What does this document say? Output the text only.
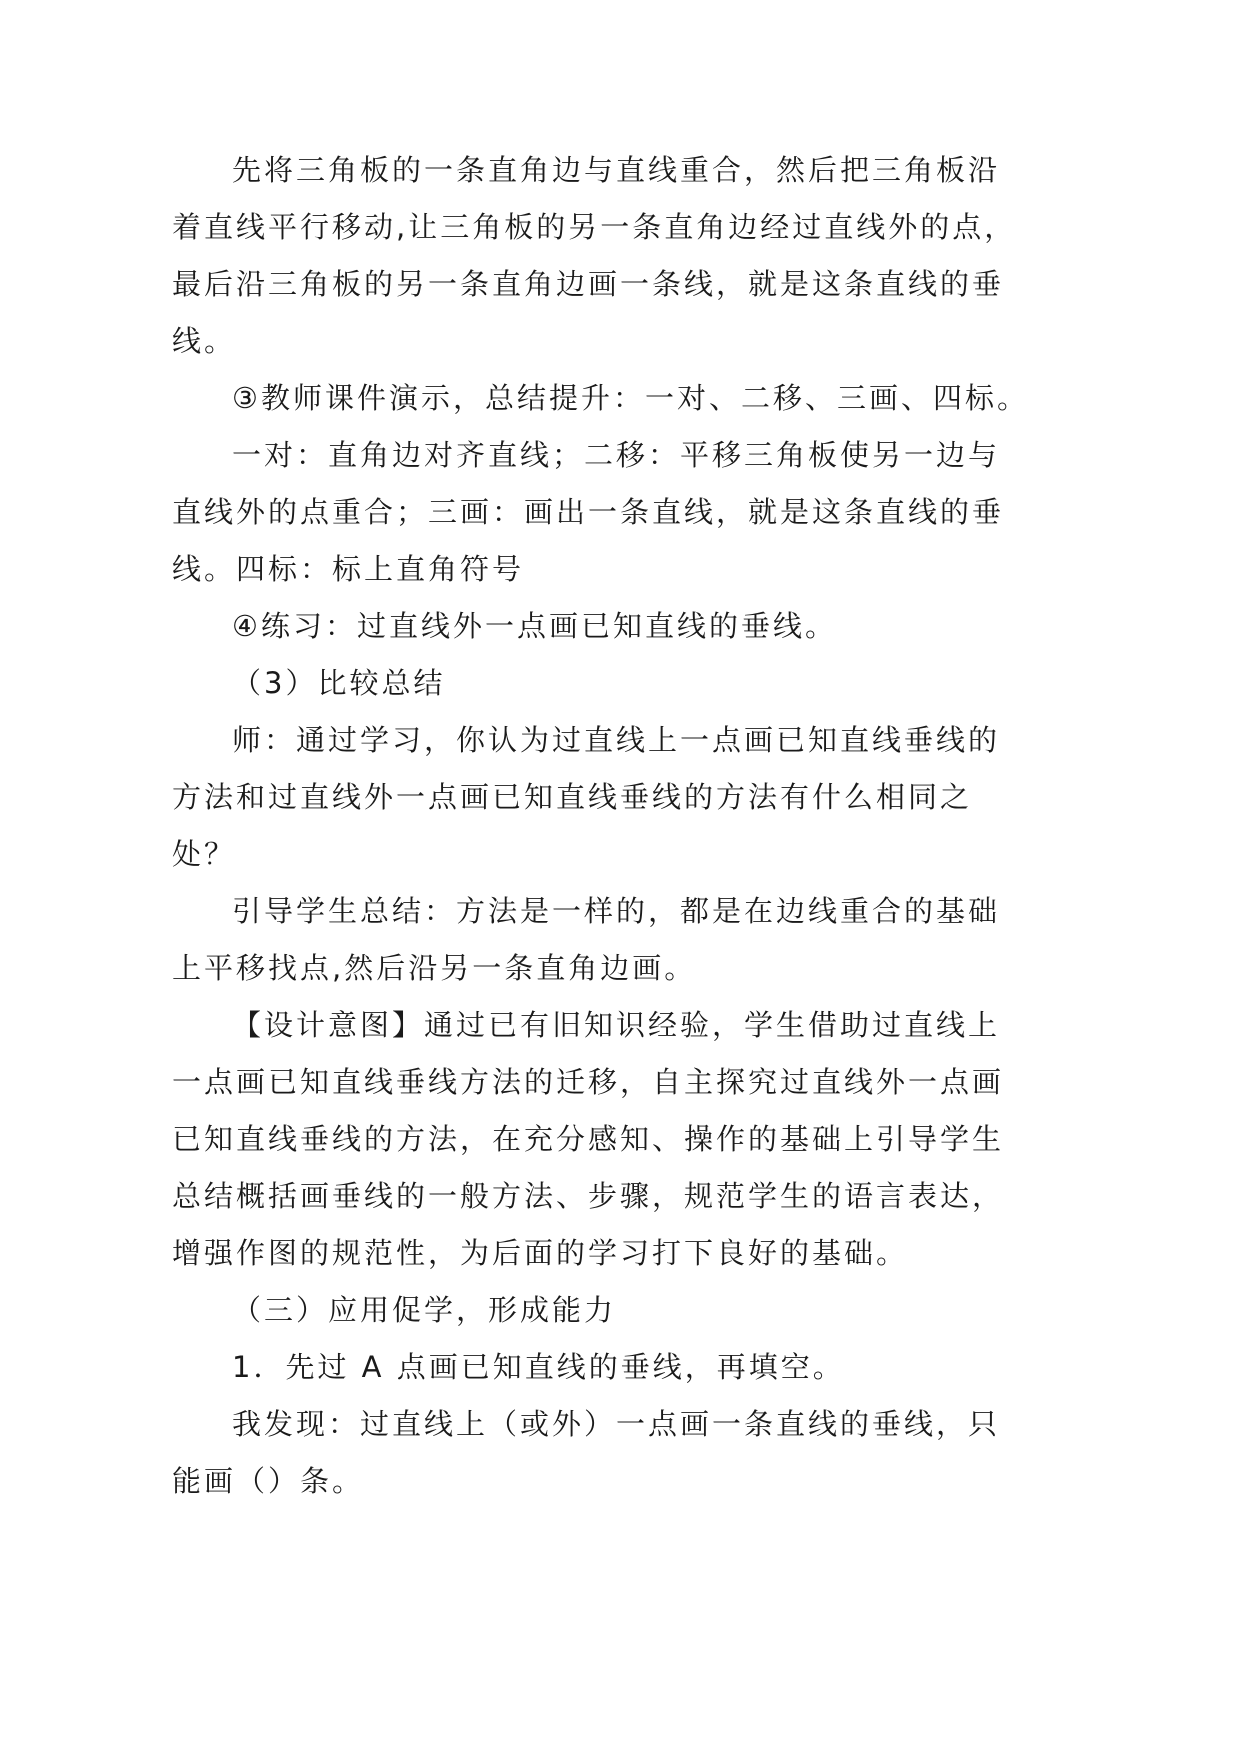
先将三角板的一条直角边与直线重合，然后把三角板沿

着直线平行移动,让三角板的另一条直角边经过直线外的点，

最后沿三角板的另一条直角边画一条线，就是这条直线的垂

线。

③教师课件演示，总结提升：一对、二移、三画、四标。

一对：直角边对齐直线；二移：平移三角板使另一边与

直线外的点重合；三画：画出一条直线，就是这条直线的垂

线。四标：标上直角符号

④练习：过直线外一点画已知直线的垂线。

（3）比较总结

师：通过学习，你认为过直线上一点画已知直线垂线的

方法和过直线外一点画已知直线垂线的方法有什么相同之

处？

引导学生总结：方法是一样的，都是在边线重合的基础

上平移找点,然后沿另一条直角边画。

【设计意图】通过已有旧知识经验，学生借助过直线上

一点画已知直线垂线方法的迁移，自主探究过直线外一点画

已知直线垂线的方法，在充分感知、操作的基础上引导学生

总结概括画垂线的一般方法、步骤，规范学生的语言表达，

增强作图的规范性，为后面的学习打下良好的基础。

（三）应用促学，形成能力

1．先过 A 点画已知直线的垂线，再填空。

我发现：过直线上（或外）一点画一条直线的垂线，只

能画（）条。
